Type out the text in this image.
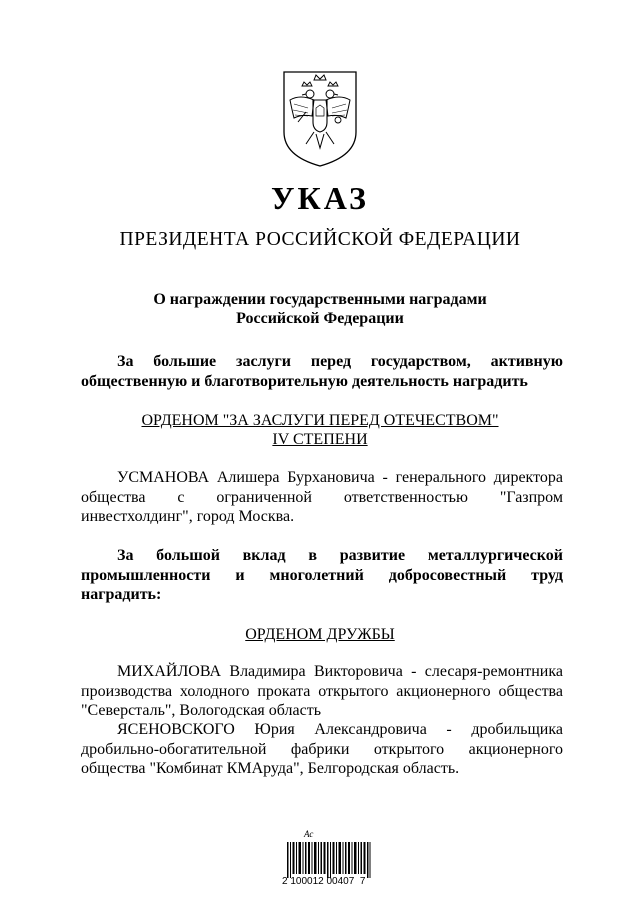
УКАЗ
ПРЕЗИДЕНТА РОССИЙСКОЙ ФЕДЕРАЦИИ
О награждении государственными наградами
Российской Федерации
За большие заслуги перед государством, активную
общественную и благотворительную деятельность наградить
ОРДЕНОМ "ЗА ЗАСЛУГИ ПЕРЕД ОТЕЧЕСТВОМ"
IV СТЕПЕНИ
УСМАНОВА Алишера Бурхановича - генерального директора
общества с ограниченной ответственностью "Газпром
инвестхолдинг", город Москва.
За большой вклад в развитие металлургической
промышленности и многолетний добросовестный труд
наградить:
ОРДЕНОМ ДРУЖБЫ
МИХАЙЛОВА Владимира Викторовича - слесаря-ремонтника
производства холодного проката открытого акционерного общества
"Северсталь", Вологодская область
ЯСЕНОВСКОГО Юрия Александровича - дробильщика
дробильно-обогатительной фабрики открытого акционерного
общества "Комбинат КМАруда", Белгородская область.
Ас
2 100012 00407  7
